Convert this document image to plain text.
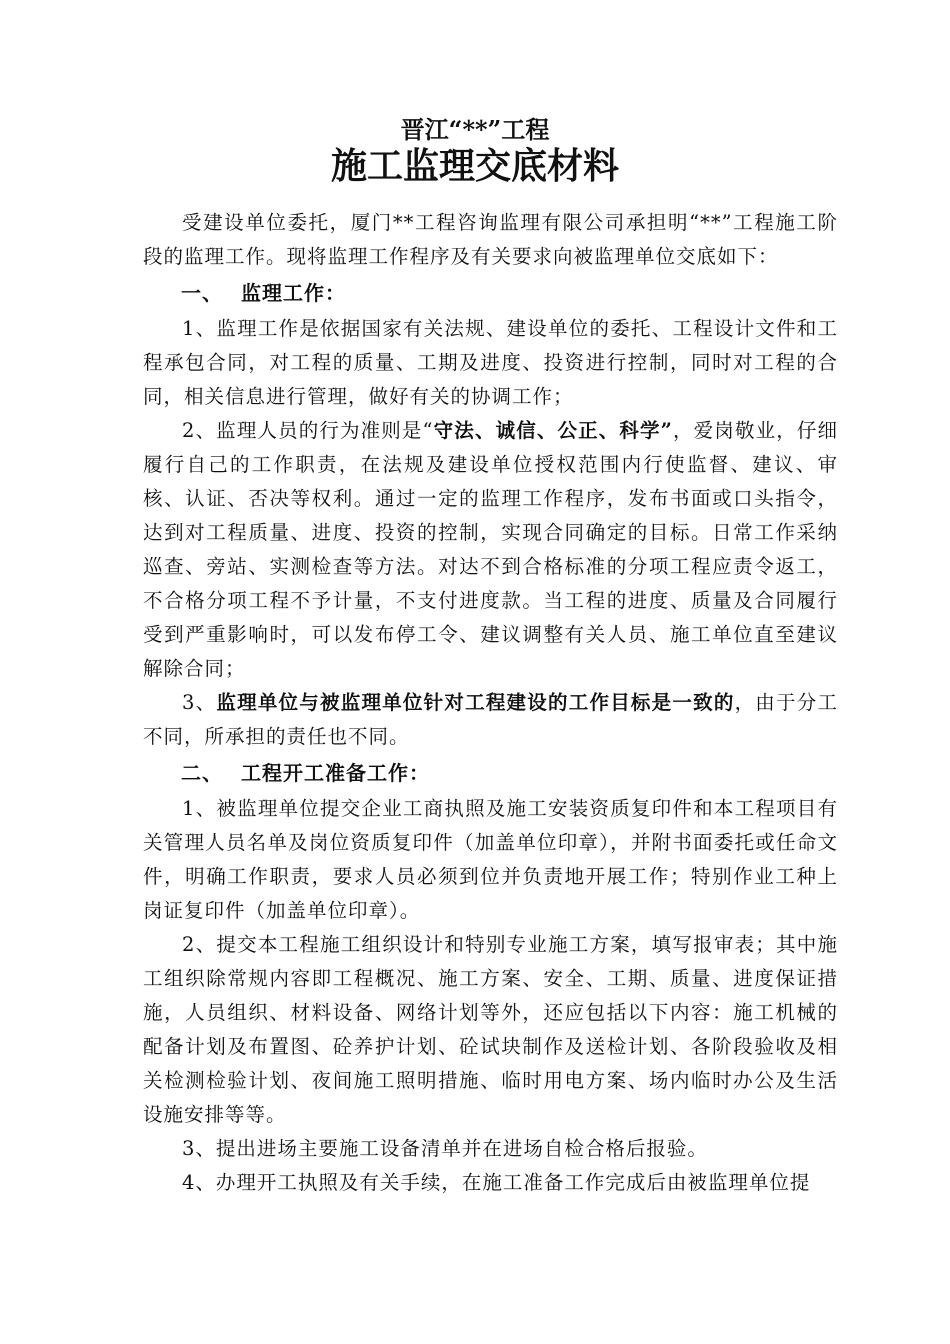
晋江“**”工程
施工监理交底材料

受建设单位委托，厦门**工程咨询监理有限公司承担明“**”工程施工阶段的监理工作。现将监理工作程序及有关要求向被监理单位交底如下：

一、 监理工作：

1、监理工作是依据国家有关法规、建设单位的委托、工程设计文件和工程承包合同，对工程的质量、工期及进度、投资进行控制，同时对工程的合同，相关信息进行管理，做好有关的协调工作；

2、监理人员的行为准则是“守法、诚信、公正、科学”，爱岗敬业，仔细履行自己的工作职责，在法规及建设单位授权范围内行使监督、建议、审核、认证、否决等权利。通过一定的监理工作程序，发布书面或口头指令，达到对工程质量、进度、投资的控制，实现合同确定的目标。日常工作采纳巡查、旁站、实测检查等方法。对达不到合格标准的分项工程应责令返工，不合格分项工程不予计量，不支付进度款。当工程的进度、质量及合同履行受到严重影响时，可以发布停工令、建议调整有关人员、施工单位直至建议解除合同；

3、监理单位与被监理单位针对工程建设的工作目标是一致的，由于分工不同，所承担的责任也不同。

二、 工程开工准备工作：

1、被监理单位提交企业工商执照及施工安装资质复印件和本工程项目有关管理人员名单及岗位资质复印件（加盖单位印章），并附书面委托或任命文件，明确工作职责，要求人员必须到位并负责地开展工作；特别作业工种上岗证复印件（加盖单位印章）。

2、提交本工程施工组织设计和特别专业施工方案，填写报审表；其中施工组织除常规内容即工程概况、施工方案、安全、工期、质量、进度保证措施，人员组织、材料设备、网络计划等外，还应包括以下内容：施工机械的配备计划及布置图、砼养护计划、砼试块制作及送检计划、各阶段验收及相关检测检验计划、夜间施工照明措施、临时用电方案、场内临时办公及生活设施安排等等。

3、提出进场主要施工设备清单并在进场自检合格后报验。

4、办理开工执照及有关手续，在施工准备工作完成后由被监理单位提
